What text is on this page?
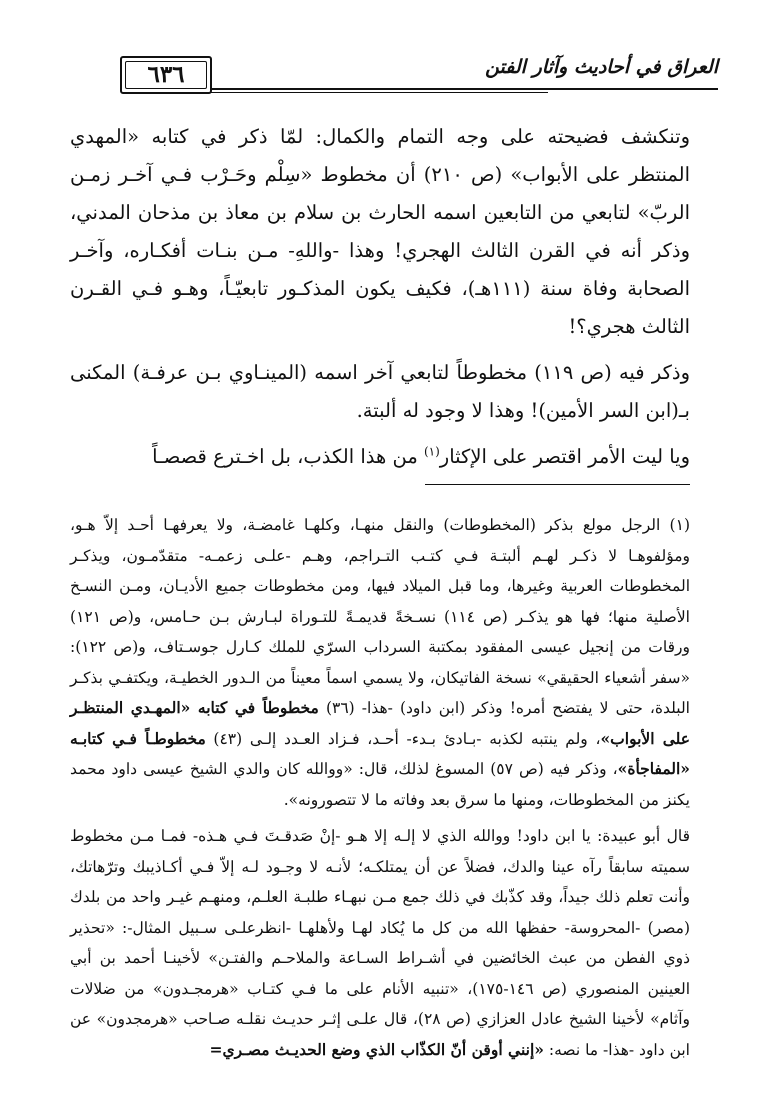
العراق في أحاديث وآثار الفتن
٦٣٦

وتنكشف فضيحته على وجه التمام والكمال: لمّا ذكر في كتابه «المهدي المنتظر على الأبواب» (ص ٢١٠) أن مخطوط «سِلْم وحَـرْب فـي آخـر زمـن الربّ» لتابعي من التابعين اسمه الحارث بن سلام بن معاذ بن مذحان المدني، وذكر أنه في القرن الثالث الهجري! وهذا -واللهِ- مـن بنـات أفكـاره، وآخـر الصحابة وفاة سنة (١١١هـ)، فكيف يكون المذكـور تابعيّـاً، وهـو فـي القـرن الثالث هجري؟!

وذكر فيه (ص ١١٩) مخطوطاً لتابعي آخر اسمه (المينـاوي بـن عرفـة) المكنى بـ(ابن السر الأمين)! وهذا لا وجود له ألبتة.

ويا ليت الأمر اقتصر على الإكثار$^{(١)}$ من هذا الكذب، بل اخـترع قصصـاً

(١) الرجل مولع بذكر (المخطوطات) والنقل منهـا، وكلهـا غامضـة، ولا يعرفهـا أحـد إلاّ هـو، ومؤلفوهـا لا ذكـر لهـم ألبتـة فـي كتـب التـراجم، وهـم -علـى زعمـه- متقدّمـون، ويذكـر المخطوطات العربية وغيرها، وما قبل الميلاد فيها، ومن مخطوطات جميع الأديـان، ومـن النسـخ الأصلية منها؛ فها هو يذكـر (ص ١١٤) نسـخةً قديمـةً للتـوراة لبـارش بـن حـامس، و(ص ١٢١) ورقات من إنجيل عيسى المفقود بمكتبة السرداب السرّي للملك كـارل جوسـتاف، و(ص ١٢٢): «سفر أشعياء الحقيقي» نسخة الفاتيكان، ولا يسمي اسماً معيناً من الـدور الخطيـة، ويكتفـي بذكـر البلدة، حتى لا يفتضح أمره! وذكر (ابن داود) -هذا- (٣٦) مخطوطاً في كتابه «المهـدي المنتظـر على الأبواب»، ولم ينتبه لكذبه -بـادئ بـدء- أحـد، فـزاد العـدد إلـى (٤٣) مخطوطـاً فـي كتابـه «المفاجأة»، وذكر فيه (ص ٥٧) المسوغ لذلك، قال: «ووالله كان والدي الشيخ عيسى داود محمد يكنز من المخطوطات، ومنها ما سرق بعد وفاته ما لا تتصورونه».

قال أبو عبيدة: يا ابن داود! ووالله الذي لا إلـه إلا هـو -إنْ صَدقـتَ فـي هـذه- فمـا مـن مخطوط سميته سابقاً رآه عينا والدك، فضلاً عن أن يمتلكـه؛ لأنـه لا وجـود لـه إلاّ فـي أكـاذيبك وترّهاتك، وأنت تعلم ذلك جيداً، وقد كذّبك في ذلك جمع مـن نبهـاء طلبـة العلـم، ومنهـم غيـر واحد من بلدك (مصر) -المحروسة- حفظها الله من كل ما يُكاد لهـا ولأهلهـا -انظرعلـى سـبيل المثال-: «تحذير ذوي الفطن من عبث الخائضين في أشـراط السـاعة والملاحـم والفتـن» لأخينـا أحمد بن أبي العينين المنصوري (ص ١٤٦-١٧٥)، «تنبيه الأنام على ما فـي كتـاب «هرمجـدون» من ضلالات وآثام» لأخينا الشيخ عادل العزازي (ص ٢٨)، قال علـى إثـر حديـث نقلـه صـاحب «هرمجدون» عن ابن داود -هذا- ما نصه: «إنني أوقن أنّ الكذّاب الذي وضع الحديـث مصـري=
